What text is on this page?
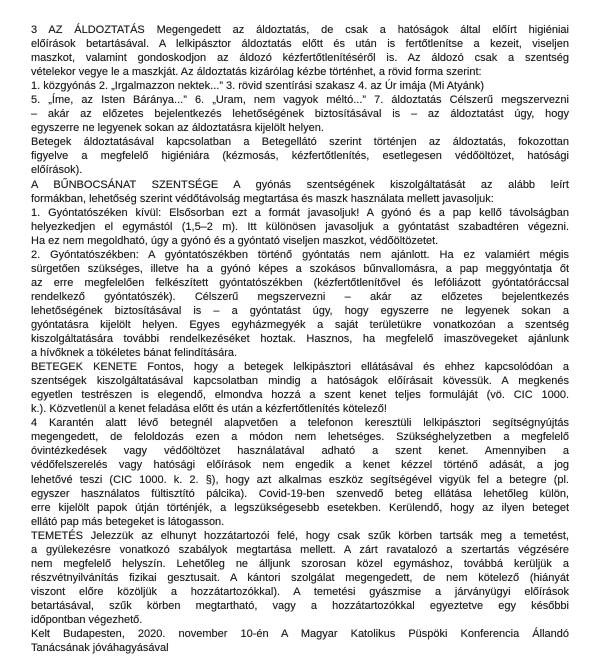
3 AZ ÁLDOZTATÁS Megengedett az áldoztatás, de csak a hatóságok által előírt higiéniai
előírások betartásával. A lelkipásztor áldoztatás előtt és után is fertőtlenítse a kezeit, viseljen
maszkot, valamint gondoskodjon az áldozó kézfertőtlenítéséről is. Az áldozó csak a szentség
vételekor vegye le a maszkját. Az áldoztatás kizárólag kézbe történhet, a rövid forma szerint:
1. közgyónás 2. „Irgalmazzon nektek...” 3. rövid szentírási szakasz 4. az Úr imája (Mi Atyánk)
5. „Íme, az Isten Báránya...” 6. „Uram, nem vagyok méltó...” 7. áldoztatás Célszerű megszervezni
– akár az előzetes bejelentkezés lehetőségének biztosításával is – az áldoztatást úgy, hogy
egyszerre ne legyenek sokan az áldoztatásra kijelölt helyen.
Betegek áldoztatásával kapcsolatban a Betegellátó szerint történjen az áldoztatás, fokozottan
figyelve a megfelelő higiéniára (kézmosás, kézfertőtlenítés, esetlegesen védőöltözet, hatósági
előírások).
A BŰNBOCSÁNAT SZENTSÉGE A gyónás szentségének kiszolgáltatását az alább leírt
formákban, lehetőség szerint védőtávolság megtartása és maszk használata mellett javasoljuk:
1. Gyóntatószéken kívül: Elsősorban ezt a formát javasoljuk! A gyónó és a pap kellő távolságban
helyezkedjen el egymástól (1,5–2 m). Itt különösen javasoljuk a gyóntatást szabadtéren végezni.
Ha ez nem megoldható, úgy a gyónó és a gyóntató viseljen maszkot, védőöltözetet.
2. Gyóntatószékben: A gyóntatószékben történő gyóntatás nem ajánlott. Ha ez valamiért mégis
sürgetően szükséges, illetve ha a gyónó képes a szokásos bűnvallomásra, a pap meggyóntatja őt
az erre megfelelően felkészített gyóntatószékben (kézfertőtlenítővel és lefóliázott gyóntatóráccsal
rendelkező gyóntatószék). Célszerű megszervezni – akár az előzetes bejelentkezés
lehetőségének biztosításával is – a gyóntatást úgy, hogy egyszerre ne legyenek sokan a
gyóntatásra kijelölt helyen. Egyes egyházmegyék a saját területükre vonatkozóan a szentség
kiszolgáltatására további rendelkezéséket hoztak. Hasznos, ha megfelelő imaszövegeket ajánlunk
a hívőknek a tökéletes bánat felindítására.
BETEGEK KENETE Fontos, hogy a betegek lelkipásztori ellátásával és ehhez kapcsolódóan a
szentségek kiszolgáltatásával kapcsolatban mindig a hatóságok előírásait kövessük. A megkenés
egyetlen testrészen is elegendő, elmondva hozzá a szent kenet teljes formuláját (vö. CIC 1000.
k.). Közvetlenül a kenet feladása előtt és után a kézfertőtlenítés kötelező!
4 Karantén alatt lévő betegnél alapvetően a telefonon keresztüli lelkipásztori segítségnyújtás
megengedett, de feloldozás ezen a módon nem lehetséges. Szükséghelyzetben a megfelelő
óvintézkedések vagy védőöltözet használatával adható a szent kenet. Amennyiben a
védőfelszerelés vagy hatósági előírások nem engedik a kenet kézzel történő adását, a jog
lehetővé teszi (CIC 1000. k. 2. §), hogy azt alkalmas eszköz segítségével vigyük fel a betegre (pl.
egyszer használatos fültisztító pálcika). Covid-19-ben szenvedő beteg ellátása lehetőleg külön,
erre kijelölt papok útján történjék, a legszükségesebb esetekben. Kerülendő, hogy az ilyen beteget
ellátó pap más betegeket is látogasson.
TEMETÉS Jelezzük az elhunyt hozzátartozói felé, hogy csak szűk körben tartsák meg a temetést,
a gyülekezésre vonatkozó szabályok megtartása mellett. A zárt ravatalozó a szertartás végzésére
nem megfelelő helyszín. Lehetőleg ne álljunk szorosan közel egymáshoz, továbbá kerüljük a
részvétnyilvánítás fizikai gesztusait. A kántori szolgálat megengedett, de nem kötelező (hiányát
viszont előre közöljük a hozzátartozókkal). A temetési gyászmise a járványügyi előírások
betartásával, szűk körben megtartható, vagy a hozzátartozókkal egyeztetve egy későbbi
időpontban végezhető.
Kelt Budapesten, 2020. november 10-én A Magyar Katolikus Püspöki Konferencia Állandó
Tanácsának jóváhagyásával
